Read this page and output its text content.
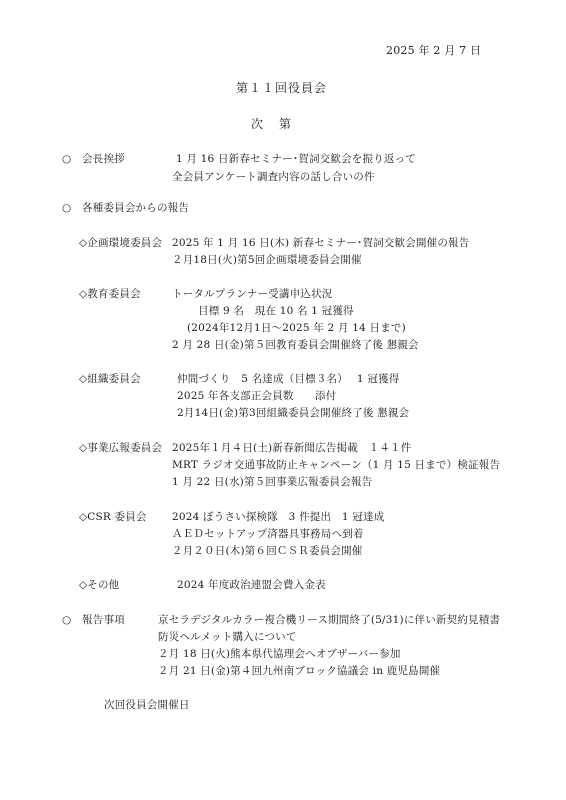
2025 年 2 月 7 日
第１１回役員会
次　第
○　会長挨拶	1 月 16 日新春セミナー･賀詞交歓会を振り返って
全会員アンケート調査内容の話し合いの件
○　各種委員会からの報告
◇企画環境委員会 2025 年 1 月 16 日(木) 新春セミナー･賀詞交歓会開催の報告
２月18日(火)第5回企画環境委員会開催
◇教育委員会	トータルプランナー受講申込状況
目標 9 名　現在 10 名 1 冠獲得
(2024年12月1日～2025 年 2 月 14 日まで)
2 月 28 日(金)第５回教育委員会開催終了後 懇親会
◇組織委員会	仲間づくり　5 名達成（目標３名）　 1 冠獲得
2025 年各支部正会員数　　添付
2月14日(金)第3回組織委員会開催終了後 懇親会
◇事業広報委員会 2025年１月４日(土)新春新聞広告掲載　１４１件
MRT ラジオ交通事故防止キャンペーン（1 月 15 日まで）検証報告
1 月 22 日(水)第５回事業広報委員会報告
◇CSR 委員会 2024 ぼうさい探検隊　3 件提出　1 冠達成
ＡＥＤセットアップ済器具事務局へ到着
２月２０日(木)第６回ＣＳＲ委員会開催
◇その他	2024 年度政治連盟会費入金表
○　報告事項	京セラデジタルカラー複合機リース期間終了(5/31)に伴い新契約見積書
防災ヘルメット購入について
２月 18 日(火)熊本県代協理会へオブザーバー参加
２月 21 日(金)第４回九州南ブロック協議会 in 鹿児島開催
次回役員会開催日
